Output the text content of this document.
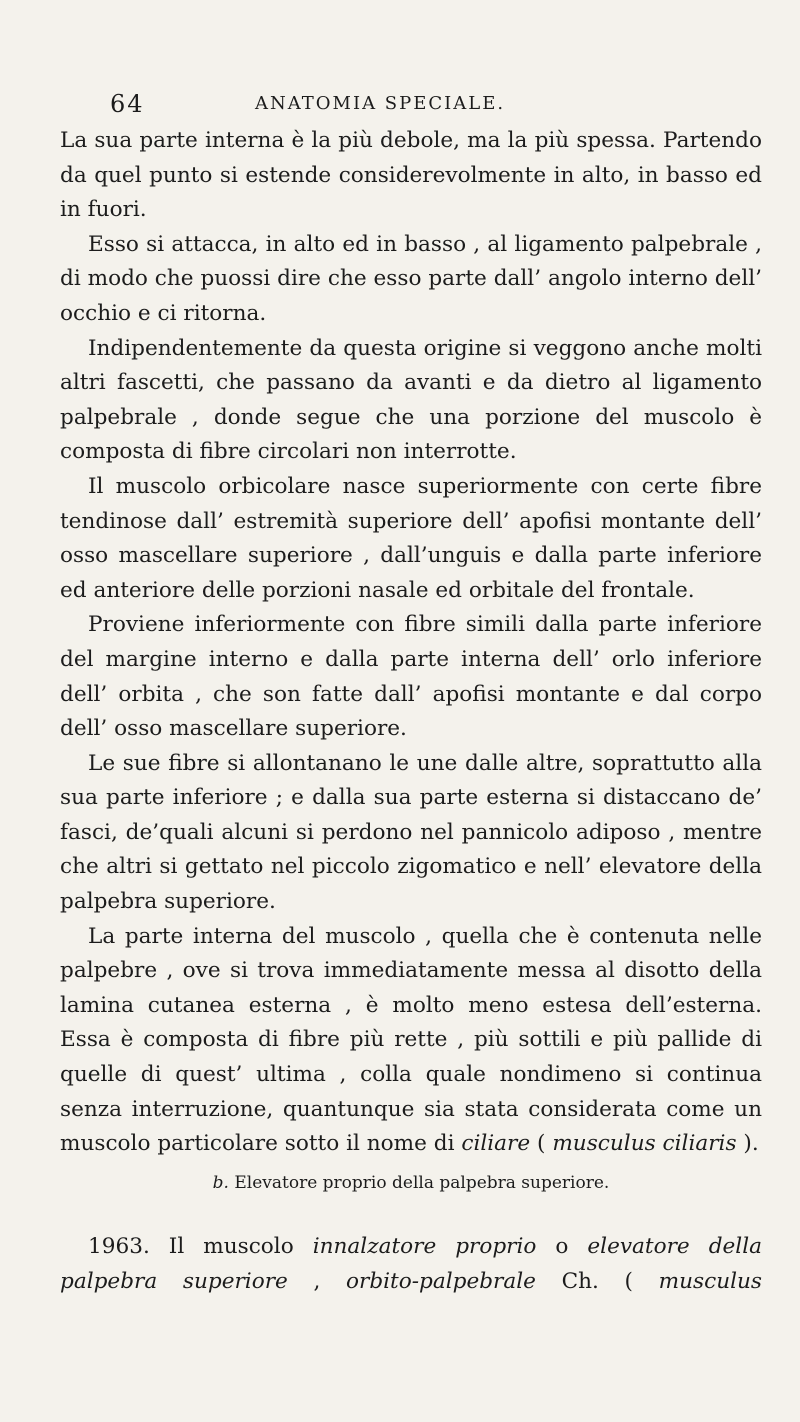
64	ANATOMIA SPECIALE.

La sua parte interna è la più debole, ma la più spessa. Partendo da quel punto si estende considerevolmente in alto, in basso ed in fuori.

Esso si attacca, in alto ed in basso , al ligamento palpebrale , di modo che puossi dire che esso parte dall’ angolo interno dell’ occhio e ci ritorna.

Indipendentemente da questa origine si veggono anche molti altri fascetti, che passano da avanti e da dietro al ligamento palpebrale , donde segue che una porzione del muscolo è composta di fibre circolari non interrotte.

Il muscolo orbicolare nasce superiormente con certe fibre tendinose dall’ estremità superiore dell’ apofisi montante dell’ osso mascellare superiore , dall’unguis e dalla parte inferiore ed anteriore delle porzioni nasale ed orbitale del frontale.

Proviene inferiormente con fibre simili dalla parte inferiore del margine interno e dalla parte interna dell’ orlo inferiore dell’ orbita , che son fatte dall’ apofisi montante e dal corpo dell’ osso mascellare superiore.

Le sue fibre si allontanano le une dalle altre, soprattutto alla sua parte inferiore ; e dalla sua parte esterna si distaccano de’ fasci, de’quali alcuni si perdono nel pannicolo adiposo , mentre che altri si gettato nel piccolo zigomatico e nell’ elevatore della palpebra superiore.

La parte interna del muscolo , quella che è contenuta nelle palpebre , ove si trova immediatamente messa al disotto della lamina cutanea esterna , è molto meno estesa dell’esterna. Essa è composta di fibre più rette , più sottili e più pallide di quelle di quest’ ultima , colla quale nondimeno si continua senza interruzione, quantunque sia stata considerata come un muscolo particolare sotto il nome di ciliare ( musculus ciliaris ).

b. Elevatore proprio della palpebra superiore.

1963. Il muscolo innalzatore proprio o elevatore della palpebra superiore , orbito-palpebrale Ch. ( musculus
